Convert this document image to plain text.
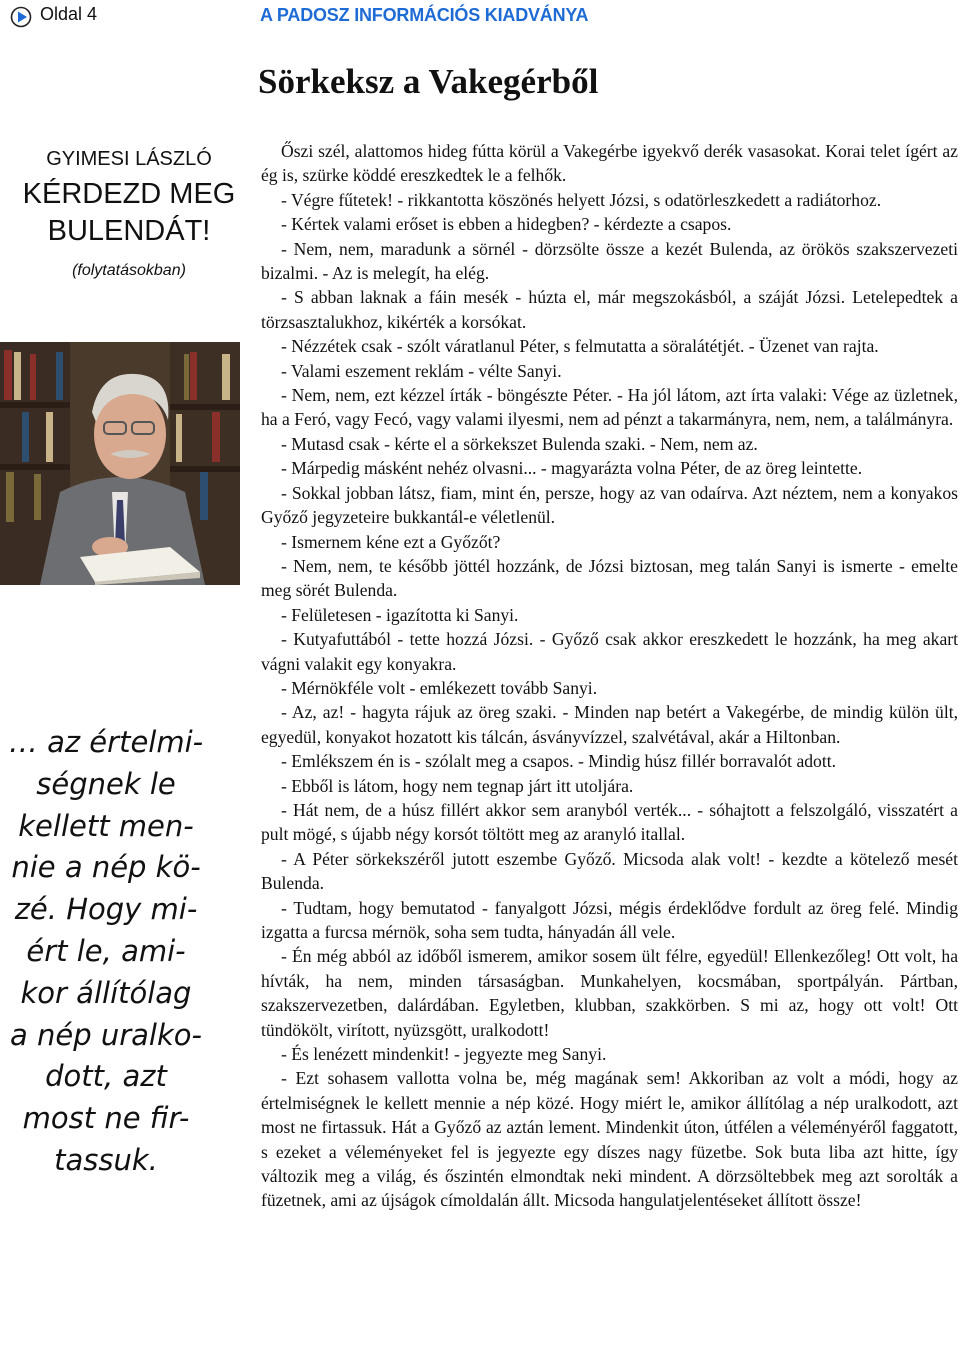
Oldal 4	A PADOSZ INFORMÁCIÓS KIADVÁNYA
Sörkeksz a Vakegérből
GYIMESI LÁSZLÓ
KÉRDEZD MEG
BULENDÁT!
(folytatásokban)
… az értelmi-
ségnek le
kellett men-
nie a nép kö-
zé. Hogy mi-
ért le, ami-
kor állítólag
a nép uralko-
dott, azt
most ne fir-
tassuk.

Őszi szél, alattomos hideg fútta körül a Vakegérbe igyekvő derék vasasokat. Korai telet ígért az ég is, szürke köddé ereszkedtek le a felhők.

- Végre fűtetek! - rikkantotta köszönés helyett Józsi, s odatörleszkedett a radiátorhoz.

- Kértek valami erőset is ebben a hidegben? - kérdezte a csapos.

- Nem, nem, maradunk a sörnél - dörzsölte össze a kezét Bulenda, az örökös szakszervezeti bizalmi. - Az is melegít, ha elég.

- S abban laknak a fáin mesék - húzta el, már megszokásból, a száját Józsi. Letelepedtek a törzsasztalukhoz, kikérték a korsókat.

- Nézzétek csak - szólt váratlanul Péter, s felmutatta a söralátétjét. - Üzenet van rajta.

- Valami eszement reklám - vélte Sanyi.

- Nem, nem, ezt kézzel írták - böngészte Péter. - Ha jól látom, azt írta valaki: Vége az üzletnek, ha a Feró, vagy Fecó, vagy valami ilyesmi, nem ad pénzt a takarmányra, nem, nem, a találmányra.

- Mutasd csak - kérte el a sörkekszet Bulenda szaki. - Nem, nem az.

- Márpedig másként nehéz olvasni... - magyarázta volna Péter, de az öreg leintette.

- Sokkal jobban látsz, fiam, mint én, persze, hogy az van odaírva. Azt néztem, nem a konyakos Győző jegyzeteire bukkantál-e véletlenül.

- Ismernem kéne ezt a Győzőt?

- Nem, nem, te később jöttél hozzánk, de Józsi biztosan, meg talán Sanyi is ismerte - emelte meg sörét Bulenda.

- Felületesen - igazította ki Sanyi.

- Kutyafuttából - tette hozzá Józsi. - Győző csak akkor ereszkedett le hozzánk, ha meg akart vágni valakit egy konyakra.

- Mérnökféle volt - emlékezett tovább Sanyi.

- Az, az! - hagyta rájuk az öreg szaki. - Minden nap betért a Vakegérbe, de mindig külön ült, egyedül, konyakot hozatott kis tálcán, ásványvízzel, szalvétával, akár a Hiltonban.

- Emlékszem én is - szólalt meg a csapos. - Mindig húsz fillér borravalót adott.

- Ebből is látom, hogy nem tegnap járt itt utoljára.

- Hát nem, de a húsz fillért akkor sem aranyból verték... - sóhajtott a felszolgáló, visszatért a pult mögé, s újabb négy korsót töltött meg az aranyló itallal.

- A Péter sörkekszéről jutott eszembe Győző. Micsoda alak volt! - kezdte a kötelező mesét Bulenda.

- Tudtam, hogy bemutatod - fanyalgott Józsi, mégis érdeklődve fordult az öreg felé. Mindig izgatta a furcsa mérnök, soha sem tudta, hányadán áll vele.

- Én még abból az időből ismerem, amikor sosem ült félre, egyedül! Ellenkezőleg! Ott volt, ha hívták, ha nem, minden társaságban. Munkahelyen, kocsmában, sportpályán. Pártban, szakszervezetben, dalárdában. Egyletben, klubban, szakkörben. S mi az, hogy ott volt! Ott tündökölt, virított, nyüzsgött, uralkodott!

- És lenézett mindenkit! - jegyezte meg Sanyi.

- Ezt sohasem vallotta volna be, még magának sem! Akkoriban az volt a módi, hogy az értelmiségnek le kellett mennie a nép közé. Hogy miért le, amikor állítólag a nép uralkodott, azt most ne firtassuk. Hát a Győző az aztán lement. Mindenkit úton, útfélen a véleményéről faggatott, s ezeket a véleményeket fel is jegyezte egy díszes nagy füzetbe. Sok buta liba azt hitte, így változik meg a világ, és őszintén elmondtak neki mindent. A dörzsöltebbek meg azt sorolták a füzetnek, ami az újságok címoldalán állt. Micsoda hangulatjelentéseket állított össze!
